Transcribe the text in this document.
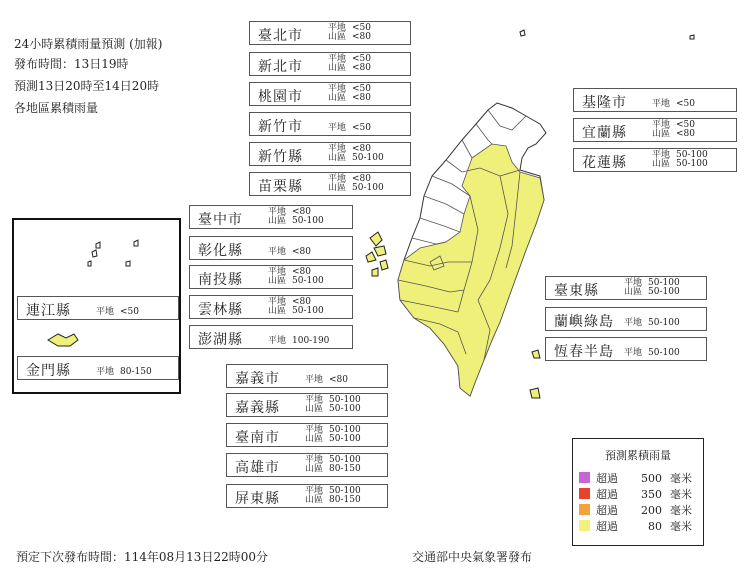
24小時累積雨量預測 (加報)
發布時間：13日19時
預測13日20時至14日20時
各地區累積雨量
臺北市	平地 <50
山區 <80
新北市	平地 <50
山區 <80
桃園市	平地 <50
山區 <80
新竹市	平地 <50
新竹縣	平地 <80
山區 50-100
苗栗縣	平地 <80
山區 50-100
臺中市	平地 <80
山區 50-100
彰化縣	平地 <80
南投縣	平地 <80
山區 50-100
雲林縣	平地 <80
山區 50-100
澎湖縣	平地 100-190
嘉義市	平地 <80
嘉義縣	平地 50-100
山區 50-100
臺南市	平地 50-100
山區 50-100
高雄市	平地 50-100
山區 80-150
屏東縣	平地 50-100
山區 80-150
基隆市	平地 <50
宜蘭縣	平地 <50
山區 <80
花蓮縣	平地 50-100
山區 50-100
臺東縣	平地 50-100
山區 50-100
蘭嶼綠島 平地 50-100
恆春半島 平地 50-100
連江縣	平地 <50
金門縣	平地 80-150
預測累積雨量
超過 500 毫米
超過 350 毫米
超過 200 毫米
超過	80 毫米
預定下次發布時間：114年08月13日22時00分	交通部中央氣象署發布
